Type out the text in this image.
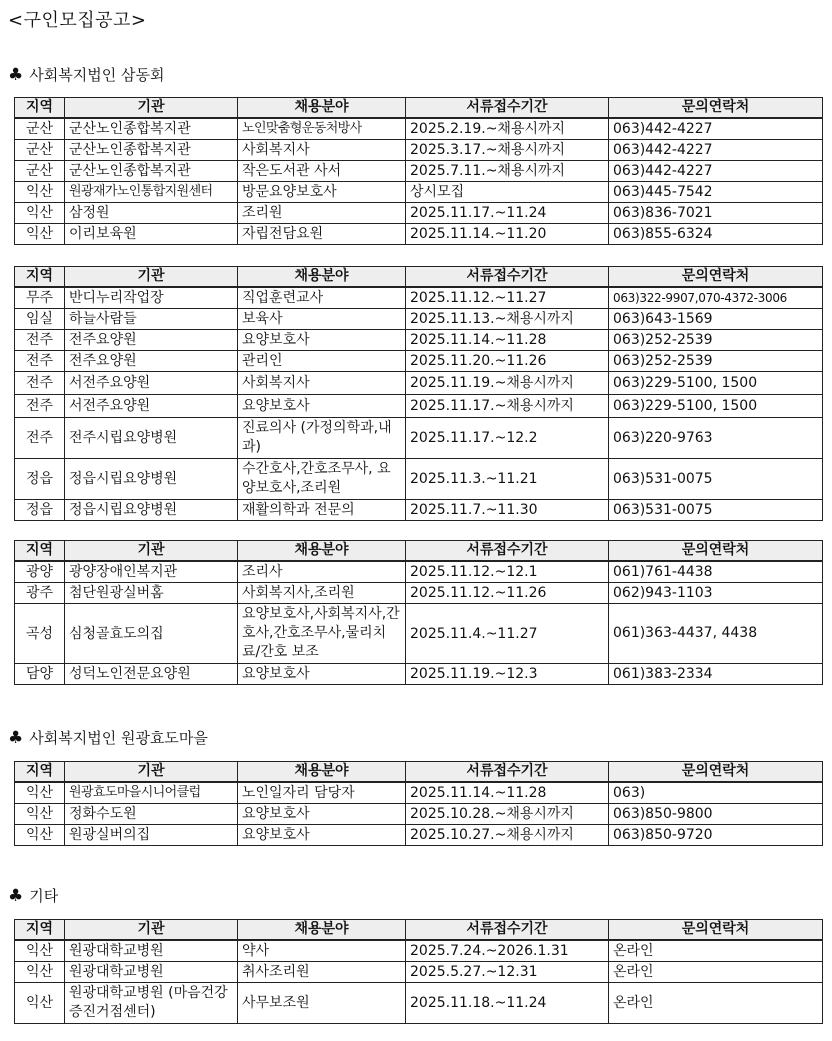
<구인모집공고>
♣ 사회복지법인 삼동회
♣ 사회복지법인 원광효도마을
♣ 기타
지역	기관	채용분야	서류접수기간	문의연락처
군산	군산노인종합복지관	노인맞춤형운동처방사	2025.2.19.~채용시까지	063)442-4227
군산	군산노인종합복지관	사회복지사	2025.3.17.~채용시까지	063)442-4227
군산	군산노인종합복지관	작은도서관 사서	2025.7.11.~채용시까지	063)442-4227
익산	원광재가노인통합지원센터	방문요양보호사	상시모집	063)445-7542
익산	삼정원	조리원	2025.11.17.~11.24	063)836-7021
익산	이리보육원	자립전담요원	2025.11.14.~11.20	063)855-6324
지역	기관	채용분야	서류접수기간	문의연락처
무주	반디누리작업장	직업훈련교사	2025.11.12.~11.27	063)322-9907,070-4372-3006
임실	하늘사람들	보육사	2025.11.13.~채용시까지	063)643-1569
전주	전주요양원	요양보호사	2025.11.14.~11.28	063)252-2539
전주	전주요양원	관리인	2025.11.20.~11.26	063)252-2539
전주	서전주요양원	사회복지사	2025.11.19.~채용시까지	063)229-5100, 1500
전주	서전주요양원	요양보호사	2025.11.17.~채용시까지	063)229-5100, 1500
전주	전주시립요양병원	진료의사 (가정의학과,내과)	2025.11.17.~12.2	063)220-9763
정읍	정읍시립요양병원	수간호사,간호조무사, 요양보호사,조리원	2025.11.3.~11.21	063)531-0075
정읍	정읍시립요양병원	재활의학과 전문의	2025.11.7.~11.30	063)531-0075
지역	기관	채용분야	서류접수기간	문의연락처
광양	광양장애인복지관	조리사	2025.11.12.~12.1	061)761-4438
광주	첨단원광실버홈	사회복지사,조리원	2025.11.12.~11.26	062)943-1103
곡성	심청골효도의집	요양보호사,사회복지사,간호사,간호조무사,물리치료/간호 보조	2025.11.4.~11.27	061)363-4437, 4438
담양	성덕노인전문요양원	요양보호사	2025.11.19.~12.3	061)383-2334
지역	기관	채용분야	서류접수기간	문의연락처
익산	원광효도마을시니어클럽	노인일자리 담당자	2025.11.14.~11.28	063)
익산	정화수도원	요양보호사	2025.10.28.~채용시까지	063)850-9800
익산	원광실버의집	요양보호사	2025.10.27.~채용시까지	063)850-9720
지역	기관	채용분야	서류접수기간	문의연락처
익산	원광대학교병원	약사	2025.7.24.~2026.1.31	온라인
익산	원광대학교병원	취사조리원	2025.5.27.~12.31	온라인
익산	원광대학교병원 (마음건강증진거점센터)	사무보조원	2025.11.18.~11.24	온라인
